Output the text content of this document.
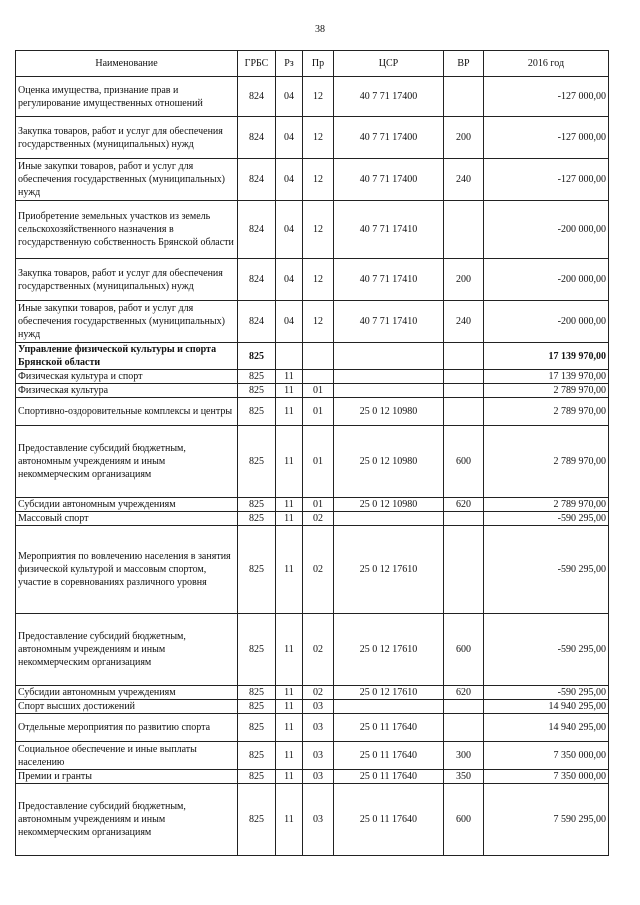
38
Наименование	ГРБС	Рз	Пр	ЦСР	ВР	2016 год
Оценка имущества, признание прав и регулирование имущественных отношений	824	04	12	40 7 71 17400		-127 000,00
Закупка товаров, работ и услуг для обеспечения государственных (муниципальных) нужд	824	04	12	40 7 71 17400	200	-127 000,00
Иные закупки товаров, работ и услуг для обеспечения государственных (муниципальных) нужд	824	04	12	40 7 71 17400	240	-127 000,00
Приобретение земельных участков из земель сельскохозяйственного назначения в государственную собственность Брянской области	824	04	12	40 7 71 17410		-200 000,00
Закупка товаров, работ и услуг для обеспечения государственных (муниципальных) нужд	824	04	12	40 7 71 17410	200	-200 000,00
Иные закупки товаров, работ и услуг для обеспечения государственных (муниципальных) нужд	824	04	12	40 7 71 17410	240	-200 000,00
Управление физической культуры и спорта Брянской области	825					17 139 970,00
Физическая культура и спорт	825	11				17 139 970,00
Физическая культура	825	11	01			2 789 970,00
Спортивно-оздоровительные комплексы и центры	825	11	01	25 0 12 10980		2 789 970,00
Предоставление субсидий бюджетным, автономным учреждениям и иным некоммерческим организациям	825	11	01	25 0 12 10980	600	2 789 970,00
Субсидии автономным учреждениям	825	11	01	25 0 12 10980	620	2 789 970,00
Массовый спорт	825	11	02			-590 295,00
Мероприятия по вовлечению населения в занятия физической культурой и массовым спортом, участие в соревнованиях различного уровня	825	11	02	25 0 12 17610		-590 295,00
Предоставление субсидий бюджетным, автономным учреждениям и иным некоммерческим организациям	825	11	02	25 0 12 17610	600	-590 295,00
Субсидии автономным учреждениям	825	11	02	25 0 12 17610	620	-590 295,00
Спорт высших достижений	825	11	03			14 940 295,00
Отдельные мероприятия по развитию спорта	825	11	03	25 0 11 17640		14 940 295,00
Социальное обеспечение и иные выплаты населению	825	11	03	25 0 11 17640	300	7 350 000,00
Премии и гранты	825	11	03	25 0 11 17640	350	7 350 000,00
Предоставление субсидий бюджетным, автономным учреждениям и иным некоммерческим организациям	825	11	03	25 0 11 17640	600	7 590 295,00
